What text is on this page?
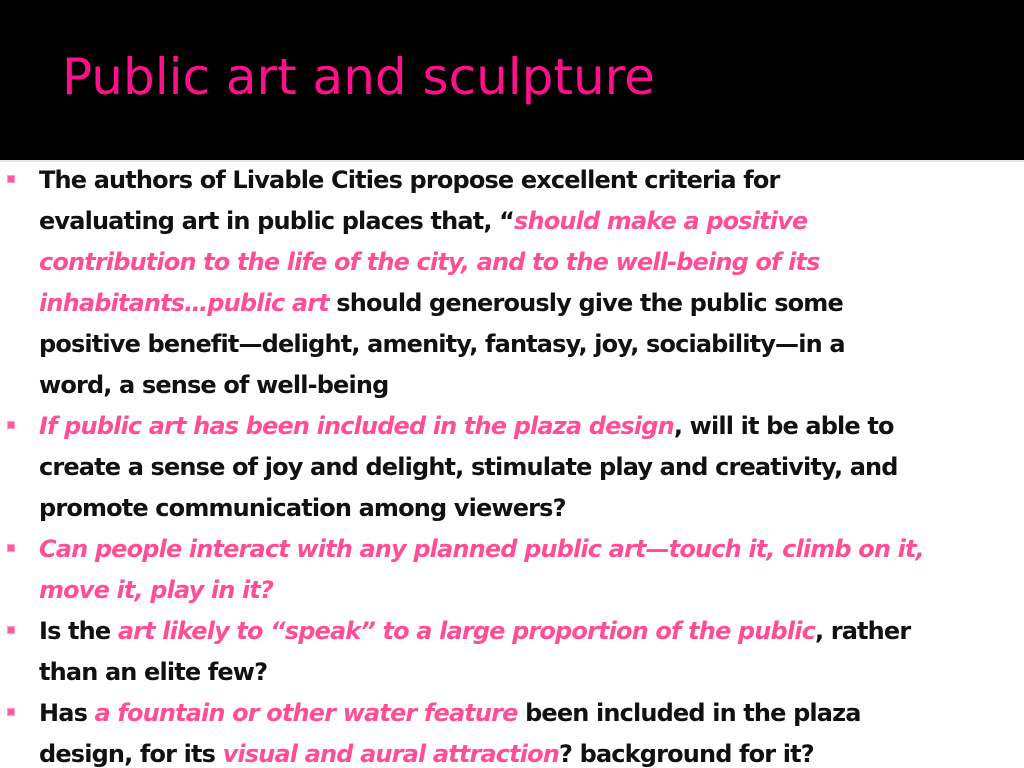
Public art and sculpture
The authors of Livable Cities propose excellent criteria for
evaluating art in public places that, “should make a positive
contribution to the life of the city, and to the well-being of its
inhabitants…public art should generously give the public some
positive benefit—delight, amenity, fantasy, joy, sociability—in a
word, a sense of well-being
If public art has been included in the plaza design, will it be able to
create a sense of joy and delight, stimulate play and creativity, and
promote communication among viewers?
Can people interact with any planned public art—touch it, climb on it,
move it, play in it?
Is the art likely to “speak” to a large proportion of the public, rather
than an elite few?
Has a fountain or other water feature been included in the plaza
design, for its visual and aural attraction? background for it?
